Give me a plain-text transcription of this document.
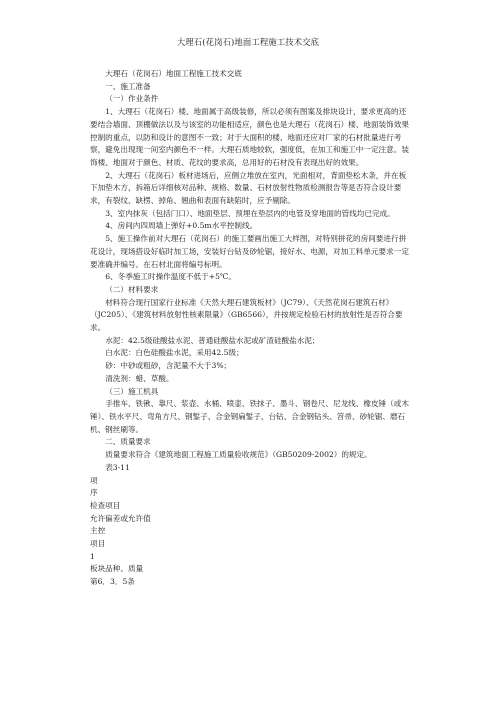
大理石(花岗石)地面工程施工技术交底

大理石（花岗石）地面工程施工技术交底

一、施工准备

（一）作业条件

1、大理石（花岗石）楼、地面属于高级装修，所以必须有图案及排块设计，要求更高的还要结合墙面、顶棚做法以及与该室的功能相适应，颜色也是大理石（花岗石）楼、地面装饰效果控制的重点，以防和设计的意图不一致；对于大面积的楼、地面还应对厂家的石材批量进行考察，避免出现现一间室内颜色不一样。大理石质地较软，强度低，在加工和施工中一定注意。装饰楼、地面对于颜色、材质、花纹的要求高，总用好的石材没有表现出好的效果。

2、大理石（花岗石）板材进场后，应侧立堆放在室内，光面相对，背面垫松木条，并在板下加垫木方，拆箱后详细核对品种、规格、数量、石材放射性物质检测报告等是否符合设计要求，有裂纹、缺楞、掉角、翘曲和表面有缺陷时，应予剔除。

3、室内抹灰（包括门口）、地面垫层、预埋在垫层内的电管及穿地面的管线均已完成。

4、房间内四周墙上弹好+0.5m水平控制线。

5、施工操作前对大理石（花岗石）的施工要画出施工大样图，对特别拼花的房间要进行拼花设计，现场搭设好临时加工场，安装好台钻及砂轮锯，接好水、电源，对加工料单元要求一定要准确并编号。在石材北面将编号标明。

6、冬季施工时操作温度不低于+5℃。

（二）材料要求

材料符合现行国家行业标准《天然大理石建筑板材》（JC79）、《天然花岗石建筑石材》（JC205）、《建筑材料放射性核素限量》（GB6566），并按规定检验石材的放射性是否符合要求。

水泥：42.5级硅酸盐水泥、普通硅酸盐水泥或矿渣硅酸盐水泥；

白水泥：白色硅酸盐水泥，采用42.5级；

砂：中砂或粗砂，含泥量不大于3%；

清洗剂：蜡、草酸。

（三）施工机具

手推车、铁锹、靠尺、浆壶、水桶、喷壶、铁抹子、墨斗、钢卷尺、尼龙线、橡皮锤（或木锤）、铁水平尺、弯角方尺、钢錾子、合金钢扁錾子、台钻、合金钢钻头、笤帚、砂轮锯、磨石机、钢丝刷等。

二、质量要求

质量要求符合《建筑地面工程施工质量验收规范》（GB50209-2002）的规定。

表3-11

项

序

检查项目

允许偏差或允许值

主控

项目

1

板块品种、质量

第6．3．5条
